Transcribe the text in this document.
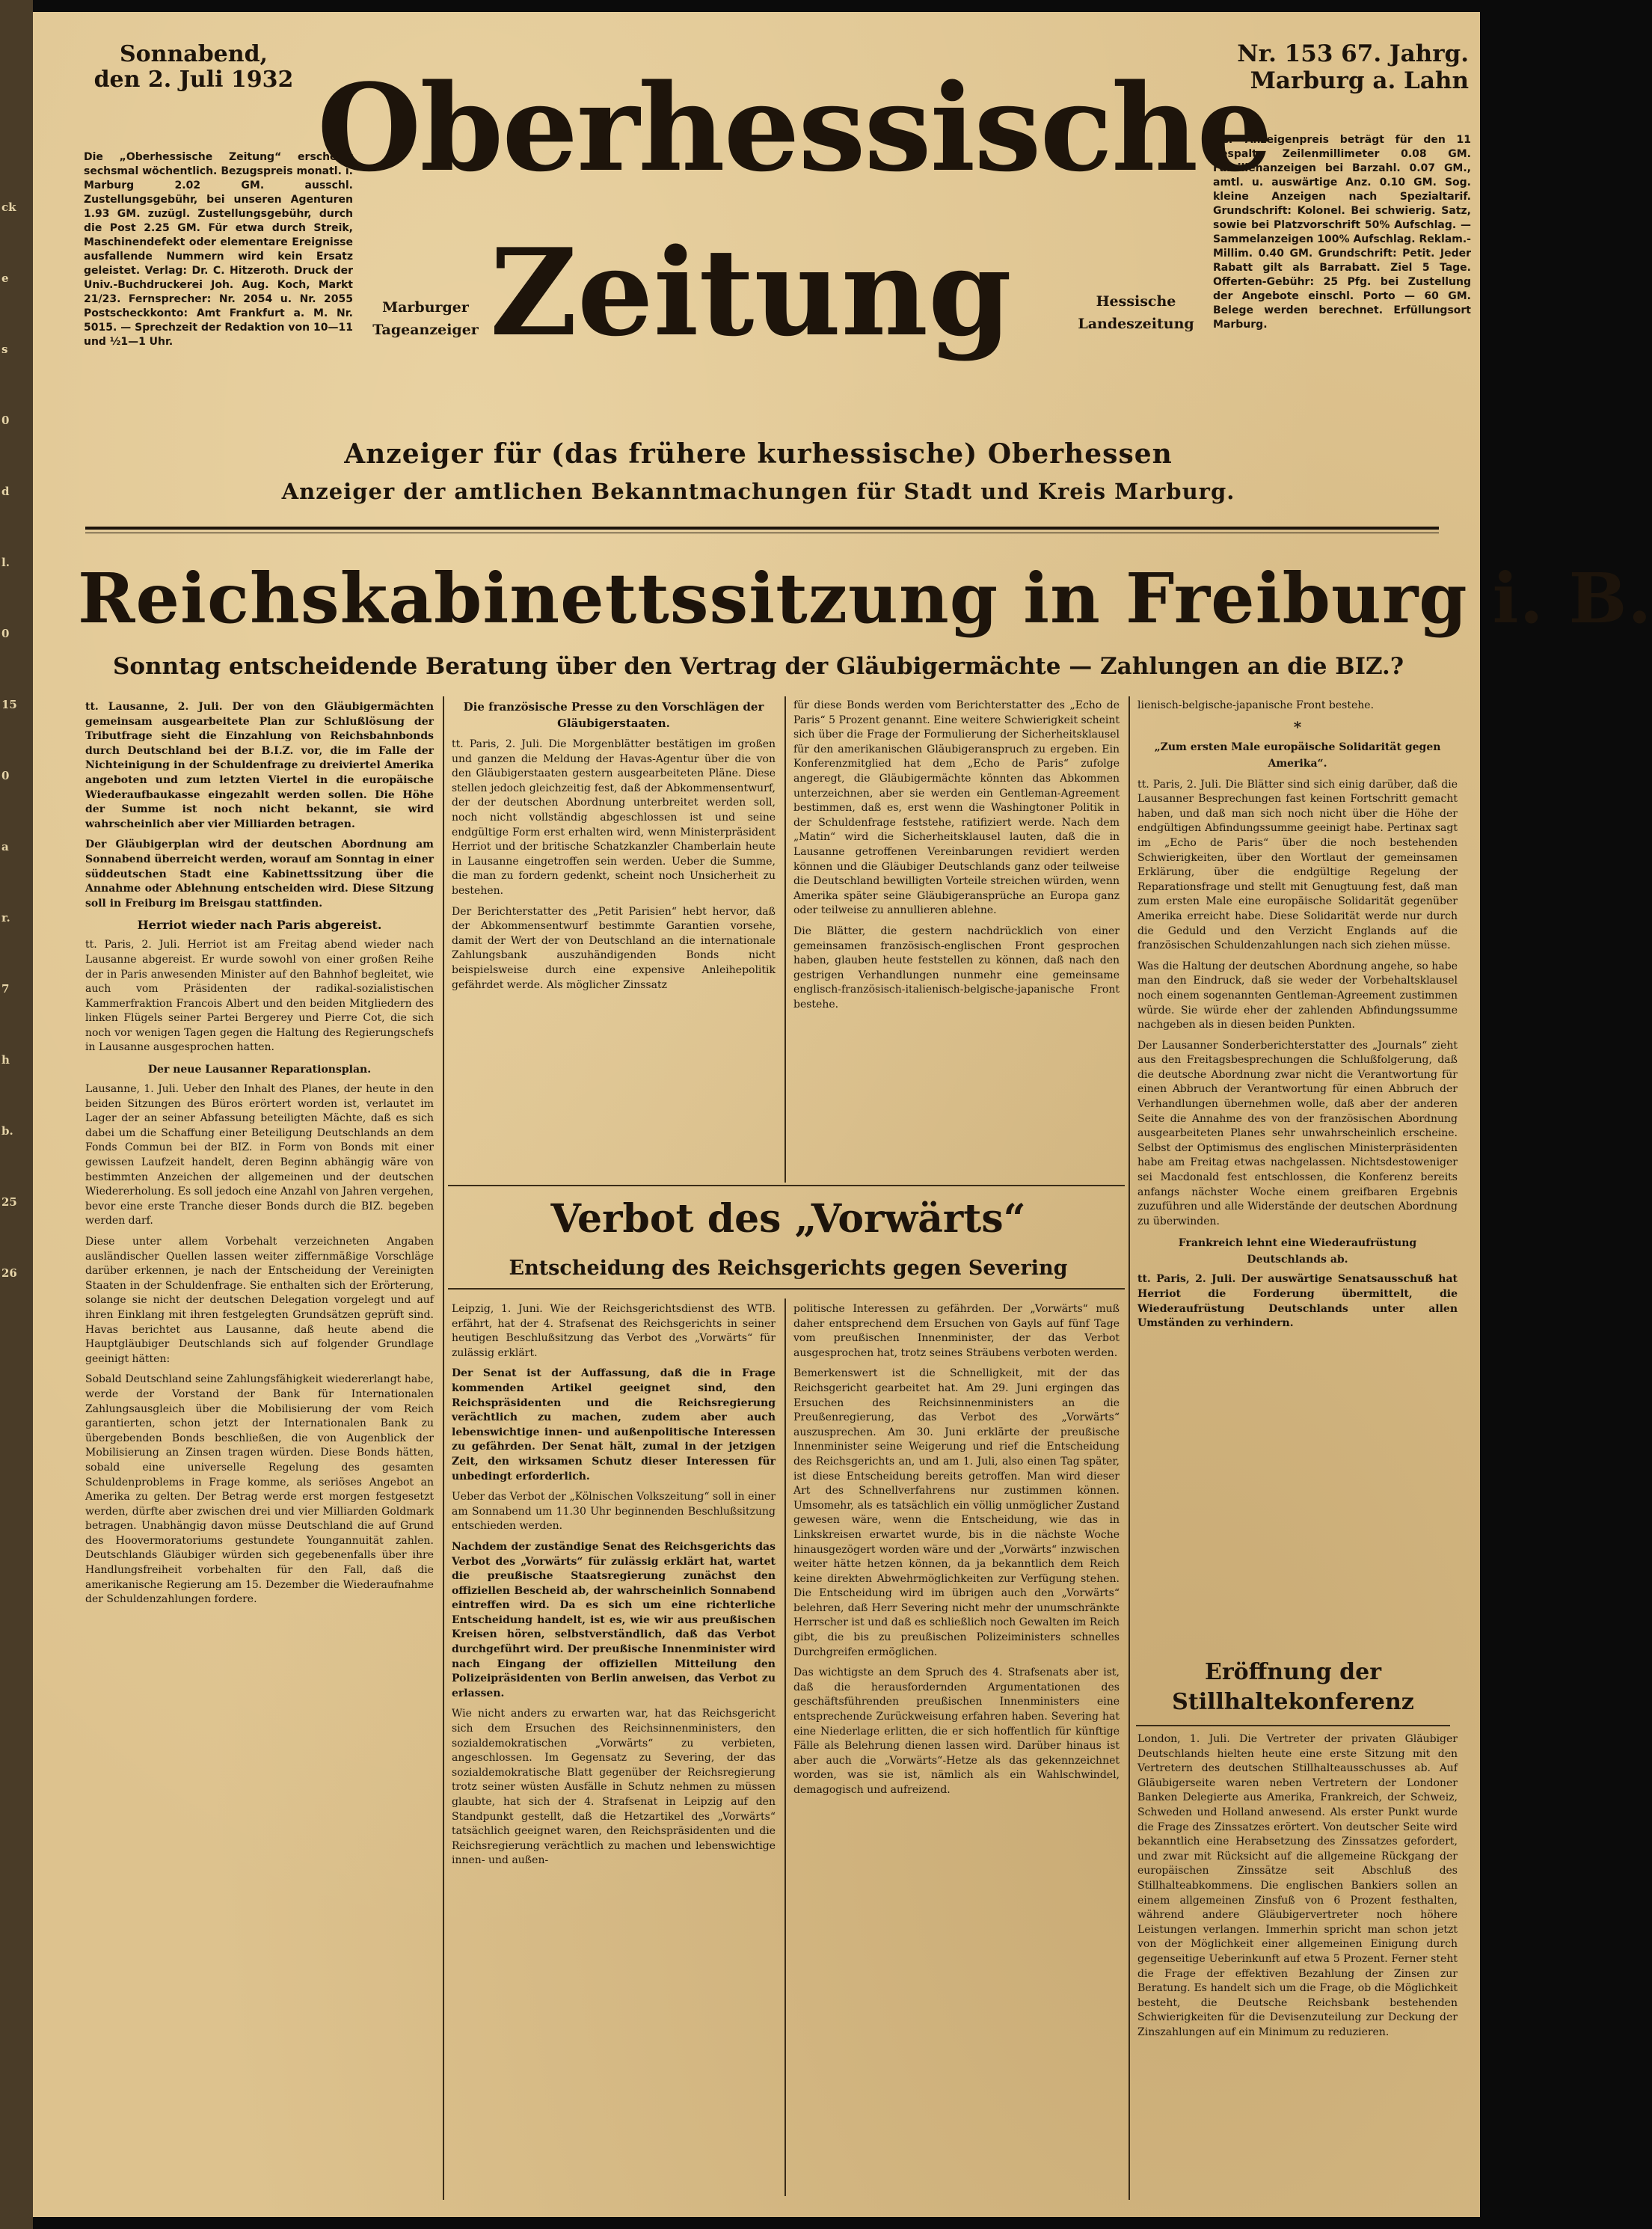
ck
e
s
0
d
l.
0
15
0
a
r.
7
h
b.
25
26
Sonnabend,
den 2. Juli 1932
Die „Oberhessische Zeitung“ erscheint sechsmal wöchentlich. Bezugspreis monatl. i. Marburg 2.02 GM. ausschl. Zustellungsgebühr, bei unseren Agenturen 1.93 GM. zuzügl. Zustellungsgebühr, durch die Post 2.25 GM. Für etwa durch Streik, Maschinendefekt oder elementare Ereignisse ausfallende Nummern wird kein Ersatz geleistet. Verlag: Dr. C. Hitzeroth. Druck der Univ.-Buchdruckerei Joh. Aug. Koch, Markt 21/23. Fernsprecher: Nr. 2054 u. Nr. 2055 Postscheckkonto: Amt Frankfurt a. M. Nr. 5015. — Sprechzeit der Redaktion von 10—11 und ½1—1 Uhr.
Nr. 153 67. Jahrg.
Marburg a. Lahn
Der Anzeigenpreis beträgt für den 11 gespalt. Zeilenmillimeter 0.08 GM. Familienanzeigen bei Barzahl. 0.07 GM., amtl. u. auswärtige Anz. 0.10 GM. Sog. kleine Anzeigen nach Spezialtarif. Grundschrift: Kolonel. Bei schwierig. Satz, sowie bei Platzvorschrift 50% Aufschlag. — Sammelanzeigen 100% Aufschlag. Reklam.-Millim. 0.40 GM. Grundschrift: Petit. Jeder Rabatt gilt als Barrabatt. Ziel 5 Tage. Offerten-Gebühr: 25 Pfg. bei Zustellung der Angebote einschl. Porto — 60 GM. Belege werden berechnet. Erfüllungsort Marburg.
Oberhessische
Zeitung
Marburger
Tageanzeiger
Hessische
Landeszeitung
Anzeiger für (das frühere kurhessische) Oberhessen
Anzeiger der amtlichen Bekanntmachungen für Stadt und Kreis Marburg.
Reichskabinettssitzung in Freiburg i. B.
Sonntag entscheidende Beratung über den Vertrag der Gläubigermächte — Zahlungen an die BIZ.?

tt. Lausanne, 2. Juli. Der von den Gläubigermächten gemeinsam ausgearbeitete Plan zur Schlußlösung der Tributfrage sieht die Einzahlung von Reichsbahnbonds durch Deutschland bei der B.I.Z. vor, die im Falle der Nichteinigung in der Schuldenfrage zu dreiviertel Amerika angeboten und zum letzten Viertel in die europäische Wiederaufbaukasse eingezahlt werden sollen. Die Höhe der Summe ist noch nicht bekannt, sie wird wahrscheinlich aber vier Milliarden betragen.

Der Gläubigerplan wird der deutschen Abordnung am Sonnabend überreicht werden, worauf am Sonntag in einer süddeutschen Stadt eine Kabinettssitzung über die Annahme oder Ablehnung entscheiden wird. Diese Sitzung soll in Freiburg im Breisgau stattfinden.

Herriot wieder nach Paris abgereist.

tt. Paris, 2. Juli. Herriot ist am Freitag abend wieder nach Lausanne abgereist. Er wurde sowohl von einer großen Reihe der in Paris anwesenden Minister auf den Bahnhof begleitet, wie auch vom Präsidenten der radikal-sozialistischen Kammerfraktion Francois Albert und den beiden Mitgliedern des linken Flügels seiner Partei Bergerey und Pierre Cot, die sich noch vor wenigen Tagen gegen die Haltung des Regierungschefs in Lausanne ausgesprochen hatten.

Der neue Lausanner Reparationsplan.

Lausanne, 1. Juli. Ueber den Inhalt des Planes, der heute in den beiden Sitzungen des Büros erörtert worden ist, verlautet im Lager der an seiner Abfassung beteiligten Mächte, daß es sich dabei um die Schaffung einer Beteiligung Deutschlands an dem Fonds Commun bei der BIZ. in Form von Bonds mit einer gewissen Laufzeit handelt, deren Beginn abhängig wäre von bestimmten Anzeichen der allgemeinen und der deutschen Wiedererholung. Es soll jedoch eine Anzahl von Jahren vergehen, bevor eine erste Tranche dieser Bonds durch die BIZ. begeben werden darf.

Diese unter allem Vorbehalt verzeichneten Angaben ausländischer Quellen lassen weiter ziffernmäßige Vorschläge darüber erkennen, je nach der Entscheidung der Vereinigten Staaten in der Schuldenfrage. Sie enthalten sich der Erörterung, solange sie nicht der deutschen Delegation vorgelegt und auf ihren Einklang mit ihren festgelegten Grundsätzen geprüft sind. Havas berichtet aus Lausanne, daß heute abend die Hauptgläubiger Deutschlands sich auf folgender Grundlage geeinigt hätten:

Sobald Deutschland seine Zahlungsfähigkeit wiedererlangt habe, werde der Vorstand der Bank für Internationalen Zahlungsausgleich über die Mobilisierung der vom Reich garantierten, schon jetzt der Internationalen Bank zu übergebenden Bonds beschließen, die von Augenblick der Mobilisierung an Zinsen tragen würden. Diese Bonds hätten, sobald eine universelle Regelung des gesamten Schuldenproblems in Frage komme, als seriöses Angebot an Amerika zu gelten. Der Betrag werde erst morgen festgesetzt werden, dürfte aber zwischen drei und vier Milliarden Goldmark betragen. Unabhängig davon müsse Deutschland die auf Grund des Hoovermoratoriums gestundete Youngannuität zahlen. Deutschlands Gläubiger würden sich gegebenenfalls über ihre Handlungsfreiheit vorbehalten für den Fall, daß die amerikanische Regierung am 15. Dezember die Wiederaufnahme der Schuldenzahlungen fordere.

Die französische Presse zu den Vorschlägen der Gläubigerstaaten.

tt. Paris, 2. Juli. Die Morgenblätter bestätigen im großen und ganzen die Meldung der Havas-Agentur über die von den Gläubigerstaaten gestern ausgearbeiteten Pläne. Diese stellen jedoch gleichzeitig fest, daß der Abkommensentwurf, der der deutschen Abordnung unterbreitet werden soll, noch nicht vollständig abgeschlossen ist und seine endgültige Form erst erhalten wird, wenn Ministerpräsident Herriot und der britische Schatzkanzler Chamberlain heute in Lausanne eingetroffen sein werden. Ueber die Summe, die man zu fordern gedenkt, scheint noch Unsicherheit zu bestehen.

Der Berichterstatter des „Petit Parisien“ hebt hervor, daß der Abkommensentwurf bestimmte Garantien vorsehe, damit der Wert der von Deutschland an die internationale Zahlungsbank auszuhändigenden Bonds nicht beispielsweise durch eine expensive Anleihepolitik gefährdet werde. Als möglicher Zinssatz

für diese Bonds werden vom Berichterstatter des „Echo de Paris“ 5 Prozent genannt. Eine weitere Schwierigkeit scheint sich über die Frage der Formulierung der Sicherheitsklausel für den amerikanischen Gläubigeranspruch zu ergeben. Ein Konferenzmitglied hat dem „Echo de Paris“ zufolge angeregt, die Gläubigermächte könnten das Abkommen unterzeichnen, aber sie werden ein Gentleman-Agreement bestimmen, daß es, erst wenn die Washingtoner Politik in der Schuldenfrage feststehe, ratifiziert werde. Nach dem „Matin“ wird die Sicherheitsklausel lauten, daß die in Lausanne getroffenen Vereinbarungen revidiert werden können und die Gläubiger Deutschlands ganz oder teilweise die Deutschland bewilligten Vorteile streichen würden, wenn Amerika später seine Gläubigeransprüche an Europa ganz oder teilweise zu annullieren ablehne.

Die Blätter, die gestern nachdrücklich von einer gemeinsamen französisch-englischen Front gesprochen haben, glauben heute feststellen zu können, daß nach den gestrigen Verhandlungen nunmehr eine gemeinsame englisch-französisch-italienisch-belgische-japanische Front bestehe.

Verbot des „Vorwärts“
Entscheidung des Reichsgerichts gegen Severing

Leipzig, 1. Juni. Wie der Reichsgerichtsdienst des WTB. erfährt, hat der 4. Strafsenat des Reichsgerichts in seiner heutigen Beschlußsitzung das Verbot des „Vorwärts“ für zulässig erklärt.

Der Senat ist der Auffassung, daß die in Frage kommenden Artikel geeignet sind, den Reichspräsidenten und die Reichsregierung verächtlich zu machen, zudem aber auch lebenswichtige innen- und außenpolitische Interessen zu gefährden. Der Senat hält, zumal in der jetzigen Zeit, den wirksamen Schutz dieser Interessen für unbedingt erforderlich.

Ueber das Verbot der „Kölnischen Volkszeitung“ soll in einer am Sonnabend um 11.30 Uhr beginnenden Beschlußsitzung entschieden werden.

Nachdem der zuständige Senat des Reichsgerichts das Verbot des „Vorwärts“ für zulässig erklärt hat, wartet die preußische Staatsregierung zunächst den offiziellen Bescheid ab, der wahrscheinlich Sonnabend eintreffen wird. Da es sich um eine richterliche Entscheidung handelt, ist es, wie wir aus preußischen Kreisen hören, selbstverständlich, daß das Verbot durchgeführt wird. Der preußische Innenminister wird nach Eingang der offiziellen Mitteilung den Polizeipräsidenten von Berlin anweisen, das Verbot zu erlassen.

Wie nicht anders zu erwarten war, hat das Reichsgericht sich dem Ersuchen des Reichsinnenministers, den sozialdemokratischen „Vorwärts“ zu verbieten, angeschlossen. Im Gegensatz zu Severing, der das sozialdemokratische Blatt gegenüber der Reichsregierung trotz seiner wüsten Ausfälle in Schutz nehmen zu müssen glaubte, hat sich der 4. Strafsenat in Leipzig auf den Standpunkt gestellt, daß die Hetzartikel des „Vorwärts“ tatsächlich geeignet waren, den Reichspräsidenten und die Reichsregierung verächtlich zu machen und lebenswichtige innen- und außen-

politische Interessen zu gefährden. Der „Vorwärts“ muß daher entsprechend dem Ersuchen von Gayls auf fünf Tage vom preußischen Innenminister, der das Verbot ausgesprochen hat, trotz seines Sträubens verboten werden.

Bemerkenswert ist die Schnelligkeit, mit der das Reichsgericht gearbeitet hat. Am 29. Juni ergingen das Ersuchen des Reichsinnenministers an die Preußenregierung, das Verbot des „Vorwärts“ auszusprechen. Am 30. Juni erklärte der preußische Innenminister seine Weigerung und rief die Entscheidung des Reichsgerichts an, und am 1. Juli, also einen Tag später, ist diese Entscheidung bereits getroffen. Man wird dieser Art des Schnellverfahrens nur zustimmen können. Umsomehr, als es tatsächlich ein völlig unmöglicher Zustand gewesen wäre, wenn die Entscheidung, wie das in Linkskreisen erwartet wurde, bis in die nächste Woche hinausgezögert worden wäre und der „Vorwärts“ inzwischen weiter hätte hetzen können, da ja bekanntlich dem Reich keine direkten Abwehrmöglichkeiten zur Verfügung stehen. Die Entscheidung wird im übrigen auch den „Vorwärts“ belehren, daß Herr Severing nicht mehr der unumschränkte Herrscher ist und daß es schließlich noch Gewalten im Reich gibt, die bis zu preußischen Polizeiministers schnelles Durchgreifen ermöglichen.

Das wichtigste an dem Spruch des 4. Strafsenats aber ist, daß die herausfordernden Argumentationen des geschäftsführenden preußischen Innenministers eine entsprechende Zurückweisung erfahren haben. Severing hat eine Niederlage erlitten, die er sich hoffentlich für künftige Fälle als Belehrung dienen lassen wird. Darüber hinaus ist aber auch die „Vorwärts“-Hetze als das gekennzeichnet worden, was sie ist, nämlich als ein Wahlschwindel, demagogisch und aufreizend.

lienisch-belgische-japanische Front bestehe.

*
„Zum ersten Male europäische Solidarität gegen Amerika“.

tt. Paris, 2. Juli. Die Blätter sind sich einig darüber, daß die Lausanner Besprechungen fast keinen Fortschritt gemacht haben, und daß man sich noch nicht über die Höhe der endgültigen Abfindungssumme geeinigt habe. Pertinax sagt im „Echo de Paris“ über die noch bestehenden Schwierigkeiten, über den Wortlaut der gemeinsamen Erklärung, über die endgültige Regelung der Reparationsfrage und stellt mit Genugtuung fest, daß man zum ersten Male eine europäische Solidarität gegenüber Amerika erreicht habe. Diese Solidarität werde nur durch die Geduld und den Verzicht Englands auf die französischen Schuldenzahlungen nach sich ziehen müsse.

Was die Haltung der deutschen Abordnung angehe, so habe man den Eindruck, daß sie weder der Vorbehaltsklausel noch einem sogenannten Gentleman-Agreement zustimmen würde. Sie würde eher der zahlenden Abfindungssumme nachgeben als in diesen beiden Punkten.

Der Lausanner Sonderberichterstatter des „Journals“ zieht aus den Freitagsbesprechungen die Schlußfolgerung, daß die deutsche Abordnung zwar nicht die Verantwortung für einen Abbruch der Verantwortung für einen Abbruch der Verhandlungen übernehmen wolle, daß aber der anderen Seite die Annahme des von der französischen Abordnung ausgearbeiteten Planes sehr unwahrscheinlich erscheine. Selbst der Optimismus des englischen Ministerpräsidenten habe am Freitag etwas nachgelassen. Nichtsdestoweniger sei Macdonald fest entschlossen, die Konferenz bereits anfangs nächster Woche einem greifbaren Ergebnis zuzuführen und alle Widerstände der deutschen Abordnung zu überwinden.

Frankreich lehnt eine Wiederaufrüstung Deutschlands ab.

tt. Paris, 2. Juli. Der auswärtige Senatsausschuß hat Herriot die Forderung übermittelt, die Wiederaufrüstung Deutschlands unter allen Umständen zu verhindern.

Eröffnung der Stillhaltekonferenz

London, 1. Juli. Die Vertreter der privaten Gläubiger Deutschlands hielten heute eine erste Sitzung mit den Vertretern des deutschen Stillhalteausschusses ab. Auf Gläubigerseite waren neben Vertretern der Londoner Banken Delegierte aus Amerika, Frankreich, der Schweiz, Schweden und Holland anwesend. Als erster Punkt wurde die Frage des Zinssatzes erörtert. Von deutscher Seite wird bekanntlich eine Herabsetzung des Zinssatzes gefordert, und zwar mit Rücksicht auf die allgemeine Rückgang der europäischen Zinssätze seit Abschluß des Stillhalteabkommens. Die englischen Bankiers sollen an einem allgemeinen Zinsfuß von 6 Prozent festhalten, während andere Gläubigervertreter noch höhere Leistungen verlangen. Immerhin spricht man schon jetzt von der Möglichkeit einer allgemeinen Einigung durch gegenseitige Ueberinkunft auf etwa 5 Prozent. Ferner steht die Frage der effektiven Bezahlung der Zinsen zur Beratung. Es handelt sich um die Frage, ob die Möglichkeit besteht, die Deutsche Reichsbank bestehenden Schwierigkeiten für die Devisenzuteilung zur Deckung der Zinszahlungen auf ein Minimum zu reduzieren.
